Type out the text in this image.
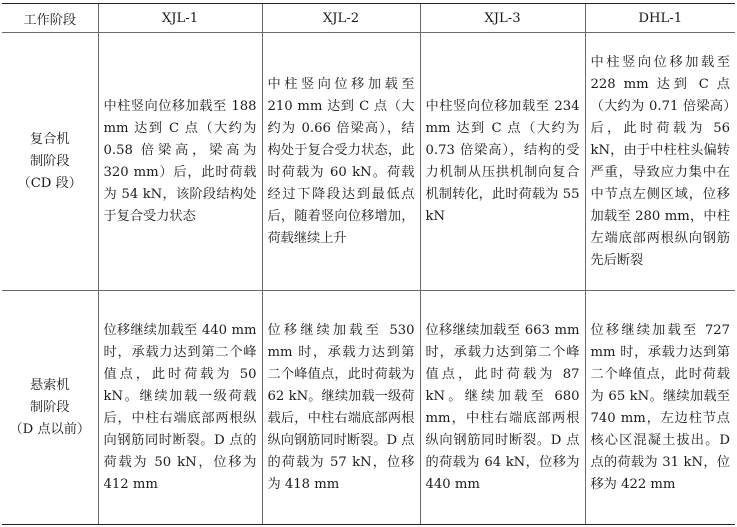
工作阶段	XJL-1	XJL-2	XJL-3	DHL-1

复合机
制阶段
（CD 段）	中柱竖向位移加载至 188 mm 达到 C 点（大约为 0.58 倍梁高，梁高为 320 mm）后，此时荷载为 54 kN，该阶段结构处于复合受力状态	中柱竖向位移加载至 210 mm 达到 C 点（大约为 0.66 倍梁高），结构处于复合受力状态，此时荷载为 60 kN。荷载经过下降段达到最低点后，随着竖向位移增加，荷载继续上升	中柱竖向位移加载至 234 mm 达到 C 点（大约为 0.73 倍梁高），结构的受力机制从压拱机制向复合机制转化，此时荷载为 55 kN	中柱竖向位移加载至 228 mm 达到 C 点（大约为 0.71 倍梁高）后，此时荷载为 56 kN，由于中柱柱头偏转严重，导致应力集中在中节点左侧区域，位移加载至 280 mm，中柱左端底部两根纵向钢筋先后断裂

悬索机
制阶段
（D 点以前）	位移继续加载至 440 mm 时，承载力达到第二个峰值点，此时荷载为 50 kN。继续加载一级荷载后，中柱右端底部两根纵向钢筋同时断裂。D 点的荷载为 50 kN，位移为 412 mm	位移继续加载至 530 mm 时，承载力达到第二个峰值点，此时荷载为 62 kN。继续加载一级荷载后，中柱右端底部两根纵向钢筋同时断裂。D 点的荷载为 57 kN，位移为 418 mm	位移继续加载至 663 mm 时，承载力达到第二个峰值点，此时荷载为 87 kN。继续加载至 680 mm，中柱右端底部两根纵向钢筋同时断裂。D 点的荷载为 64 kN，位移为 440 mm	位移继续加载至 727 mm 时，承载力达到第二个峰值点，此时荷载为 65 kN。继续加载至 740 mm，左边柱节点核心区混凝土拔出。D 点的荷载为 31 kN，位移为 422 mm
